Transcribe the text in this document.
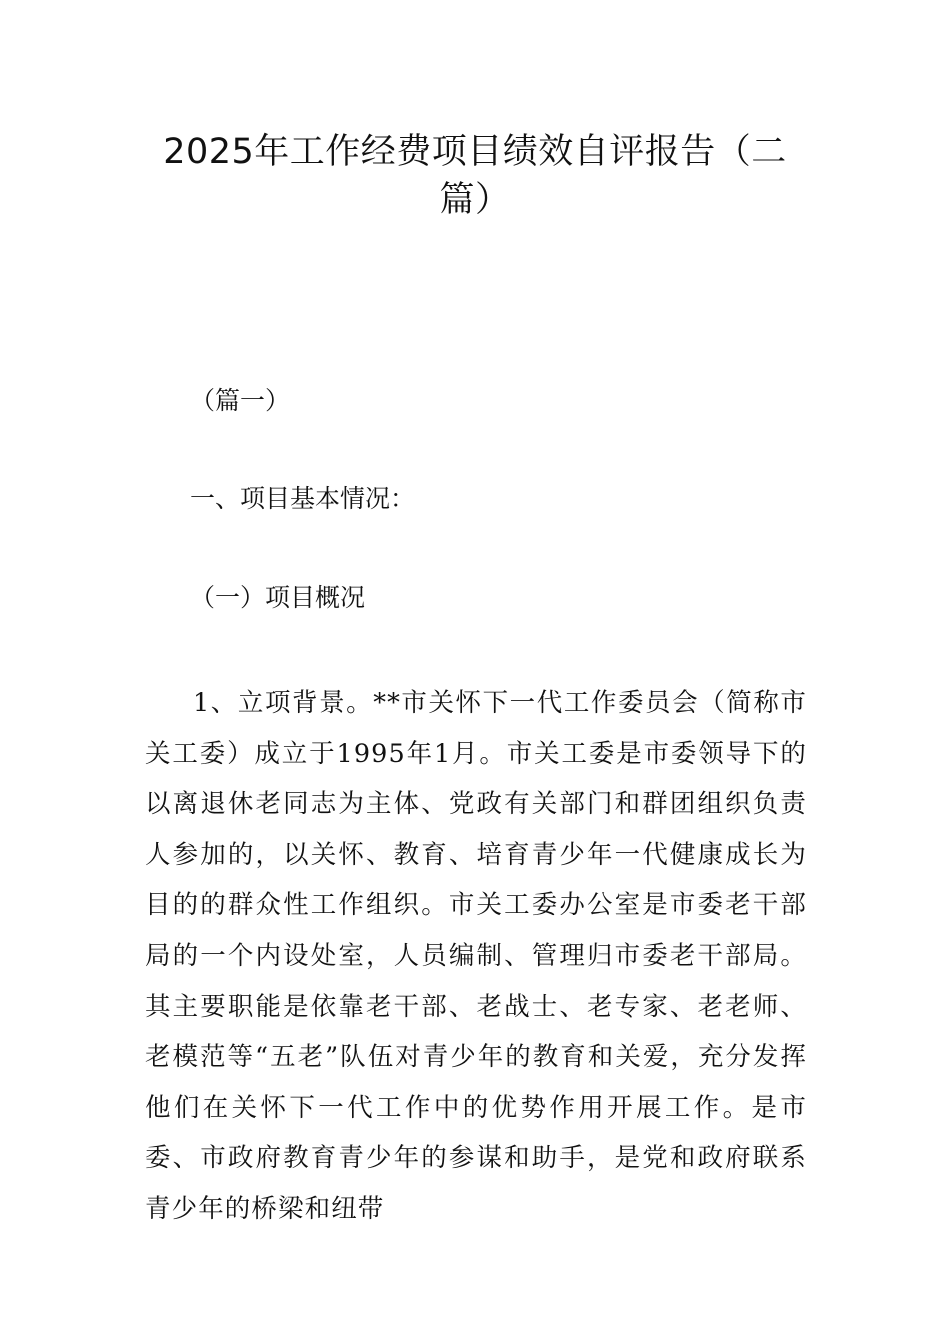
2025年工作经费项目绩效自评报告（二篇）

（篇一）

一、项目基本情况：

（一）项目概况

1、立项背景。**市关怀下一代工作委员会（简称市关工委）成立于1995年1月。市关工委是市委领导下的以离退休老同志为主体、党政有关部门和群团组织负责人参加的，以关怀、教育、培育青少年一代健康成长为目的的群众性工作组织。市关工委办公室是市委老干部局的一个内设处室，人员编制、管理归市委老干部局。其主要职能是依靠老干部、老战士、老专家、老老师、老模范等“五老”队伍对青少年的教育和关爱，充分发挥他们在关怀下一代工作中的优势作用开展工作。是市委、市政府教育青少年的参谋和助手，是党和政府联系青少年的桥梁和纽带
